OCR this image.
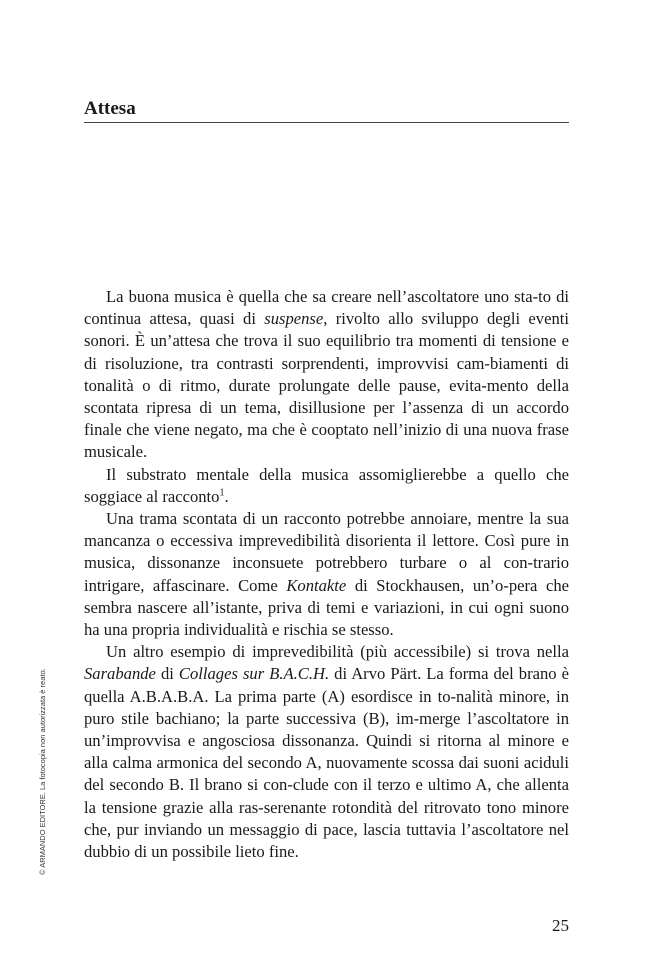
Attesa

La buona musica è quella che sa creare nell’ascoltatore uno sta-to di continua attesa, quasi di suspense, rivolto allo sviluppo degli eventi sonori. È un’attesa che trova il suo equilibrio tra momenti di tensione e di risoluzione, tra contrasti sorprendenti, improvvisi cam-biamenti di tonalità o di ritmo, durate prolungate delle pause, evita-mento della scontata ripresa di un tema, disillusione per l’assenza di un accordo finale che viene negato, ma che è cooptato nell’inizio di una nuova frase musicale.

Il substrato mentale della musica assomiglierebbe a quello che soggiace al racconto$^1$.

Una trama scontata di un racconto potrebbe annoiare, mentre la sua mancanza o eccessiva imprevedibilità disorienta il lettore. Così pure in musica, dissonanze inconsuete potrebbero turbare o al con-trario intrigare, affascinare. Come Kontakte di Stockhausen, un’o-pera che sembra nascere all’istante, priva di temi e variazioni, in cui ogni suono ha una propria individualità e rischia se stesso.

Un altro esempio di imprevedibilità (più accessibile) si trova nella Sarabande di Collages sur B.A.C.H. di Arvo Pärt. La forma del brano è quella A.B.A.B.A. La prima parte (A) esordisce in to-nalità minore, in puro stile bachiano; la parte successiva (B), im-merge l’ascoltatore in un’improvvisa e angosciosa dissonanza. Quindi si ritorna al minore e alla calma armonica del secondo A, nuovamente scossa dai suoni aciduli del secondo B. Il brano si con-clude con il terzo e ultimo A, che allenta la tensione grazie alla ras-serenante rotondità del ritrovato tono minore che, pur inviando un messaggio di pace, lascia tuttavia l’ascoltatore nel dubbio di un possibile lieto fine.

© ARMANDO EDITORE. La fotocopia non autorizzata è reato.
25
